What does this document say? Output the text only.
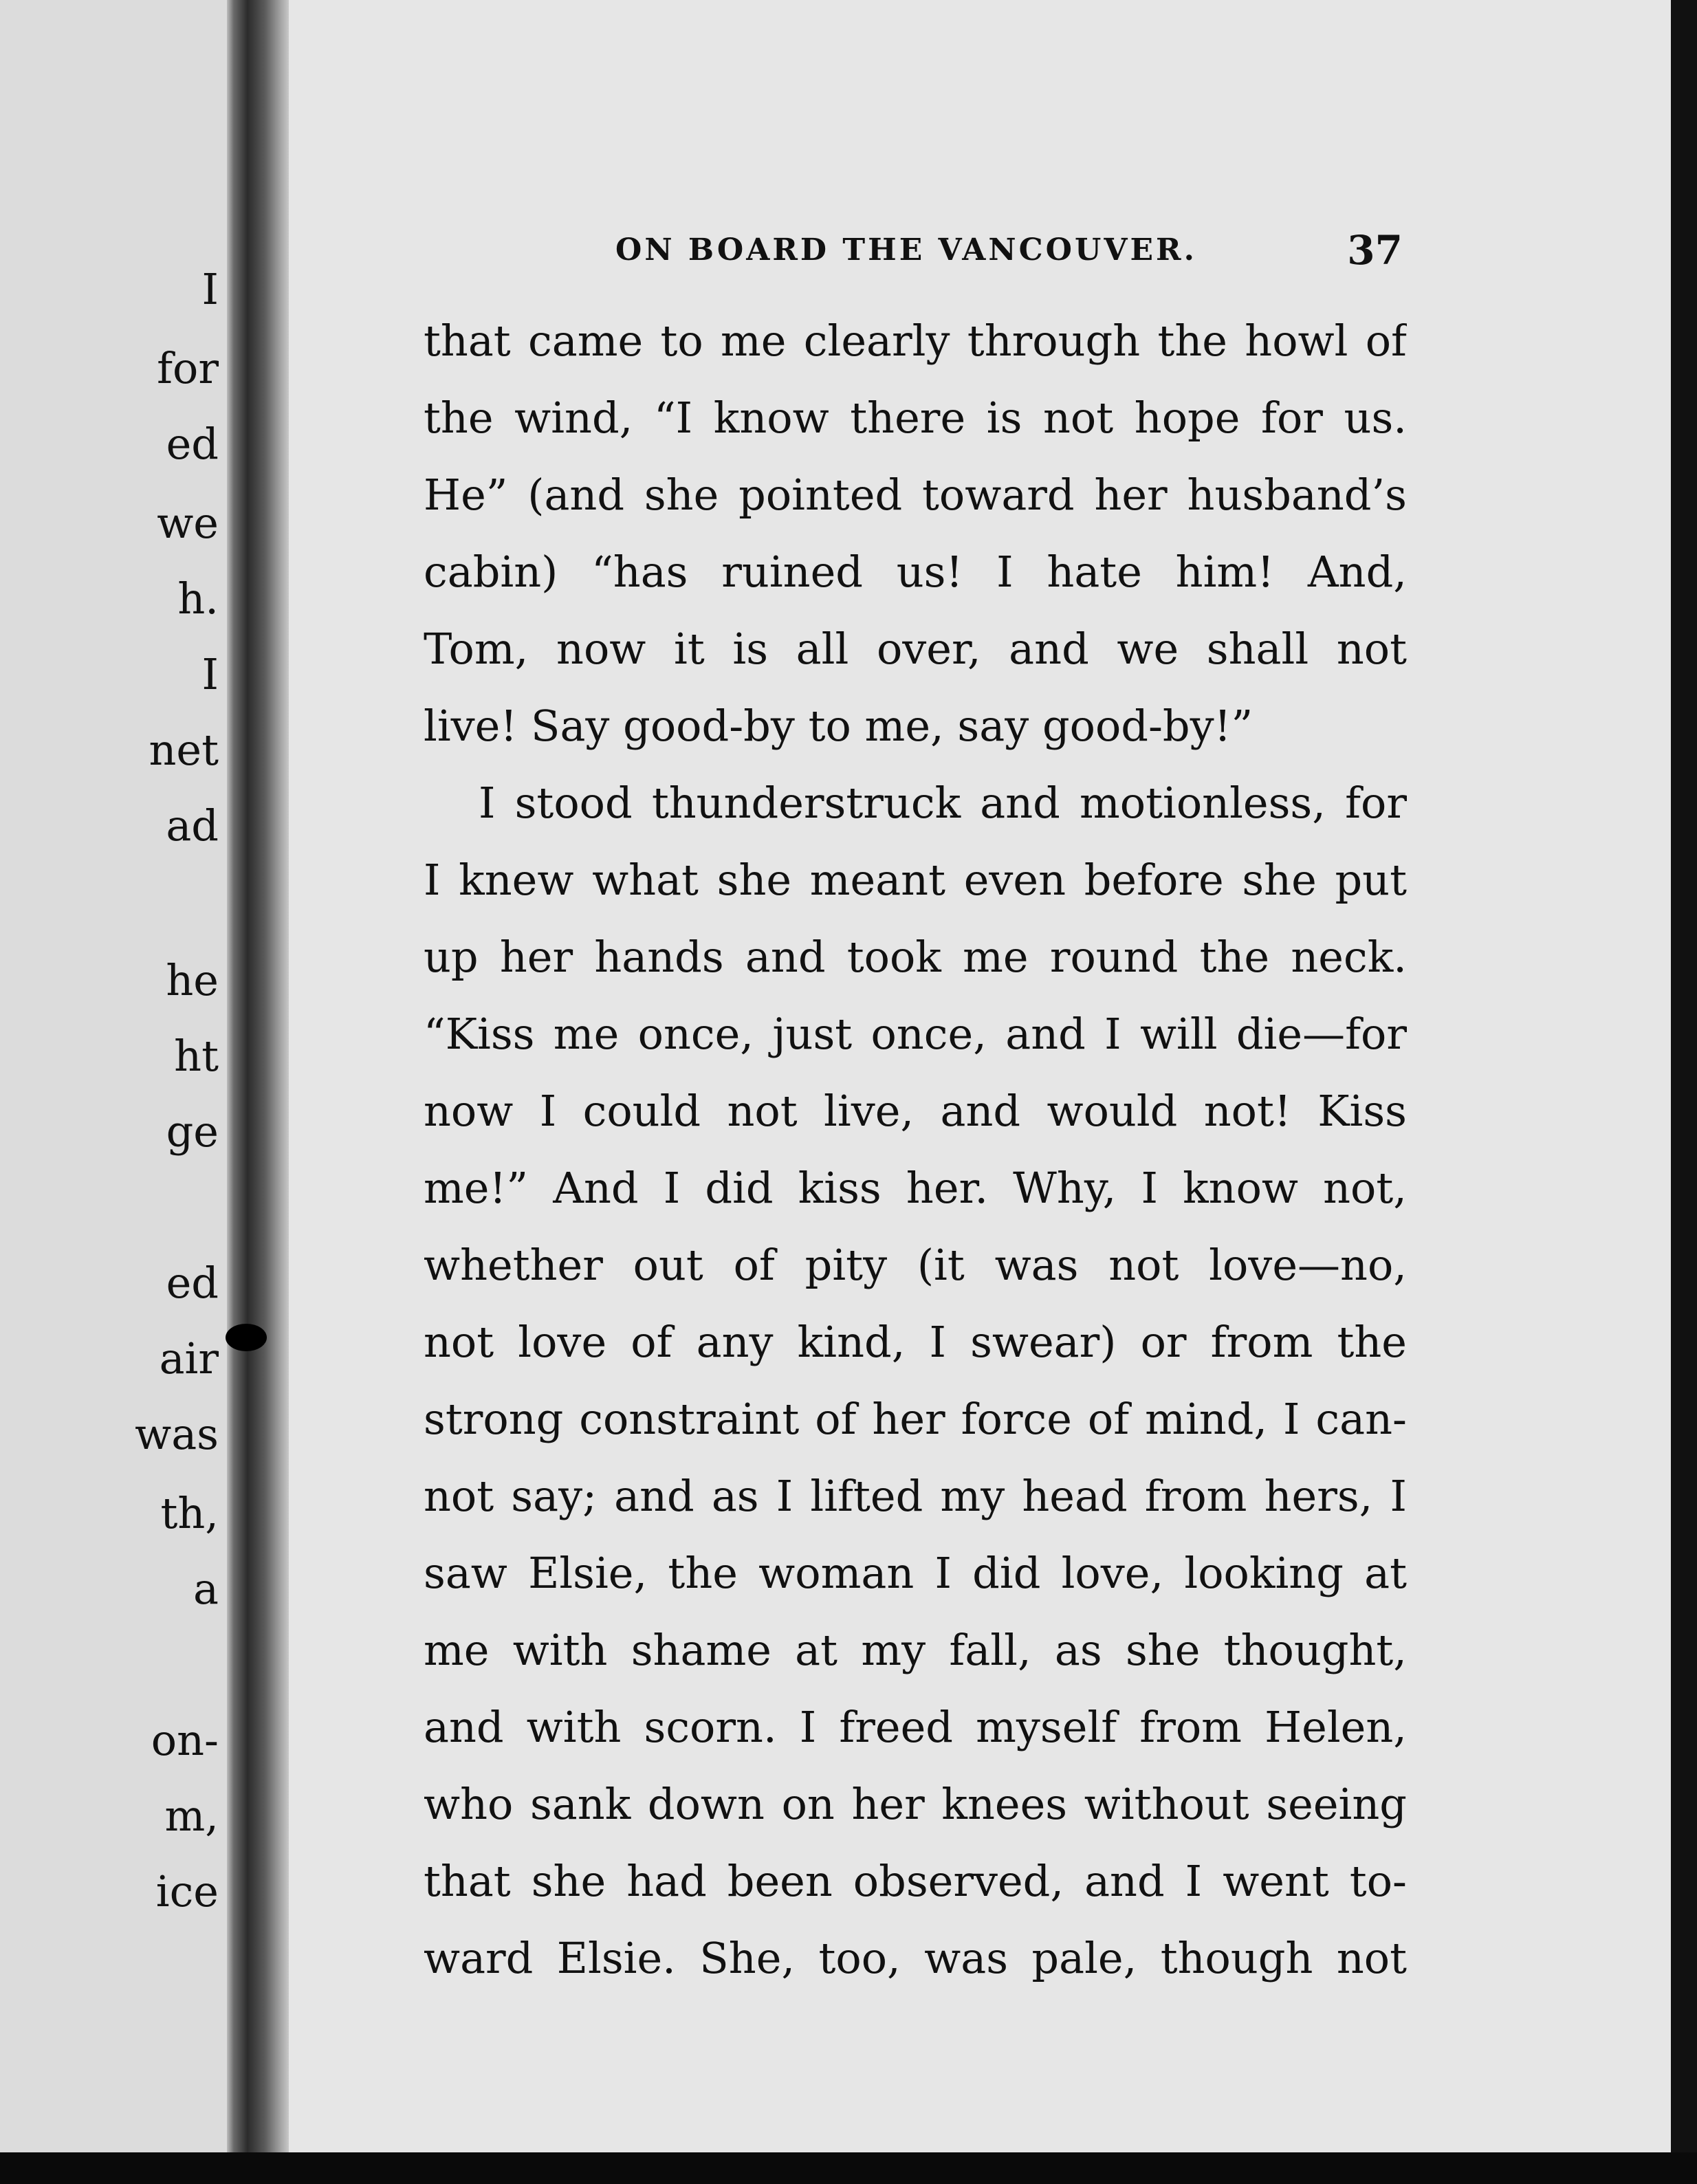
I
for
ed
we
h.
I
net
ad
he
ht
ge
ed
air
was
th,
a
on-
m,
ice
ON BOARD THE VANCOUVER.	37
that came to me clearly through the howl of
the wind, “I know there is not hope for us.
He” (and she pointed toward her husband’s
cabin) “has ruined us! I hate him! And,
Tom, now it is all over, and we shall not
live! Say good-by to me, say good-by!”
I stood thunderstruck and motionless, for
I knew what she meant even before she put
up her hands and took me round the neck.
“Kiss me once, just once, and I will die—for
now I could not live, and would not! Kiss
me!” And I did kiss her. Why, I know not,
whether out of pity (it was not love—no,
not love of any kind, I swear) or from the
strong constraint of her force of mind, I can-
not say; and as I lifted my head from hers, I
saw Elsie, the woman I did love, looking at
me with shame at my fall, as she thought,
and with scorn. I freed myself from Helen,
who sank down on her knees without seeing
that she had been observed, and I went to-
ward Elsie. She, too, was pale, though not
